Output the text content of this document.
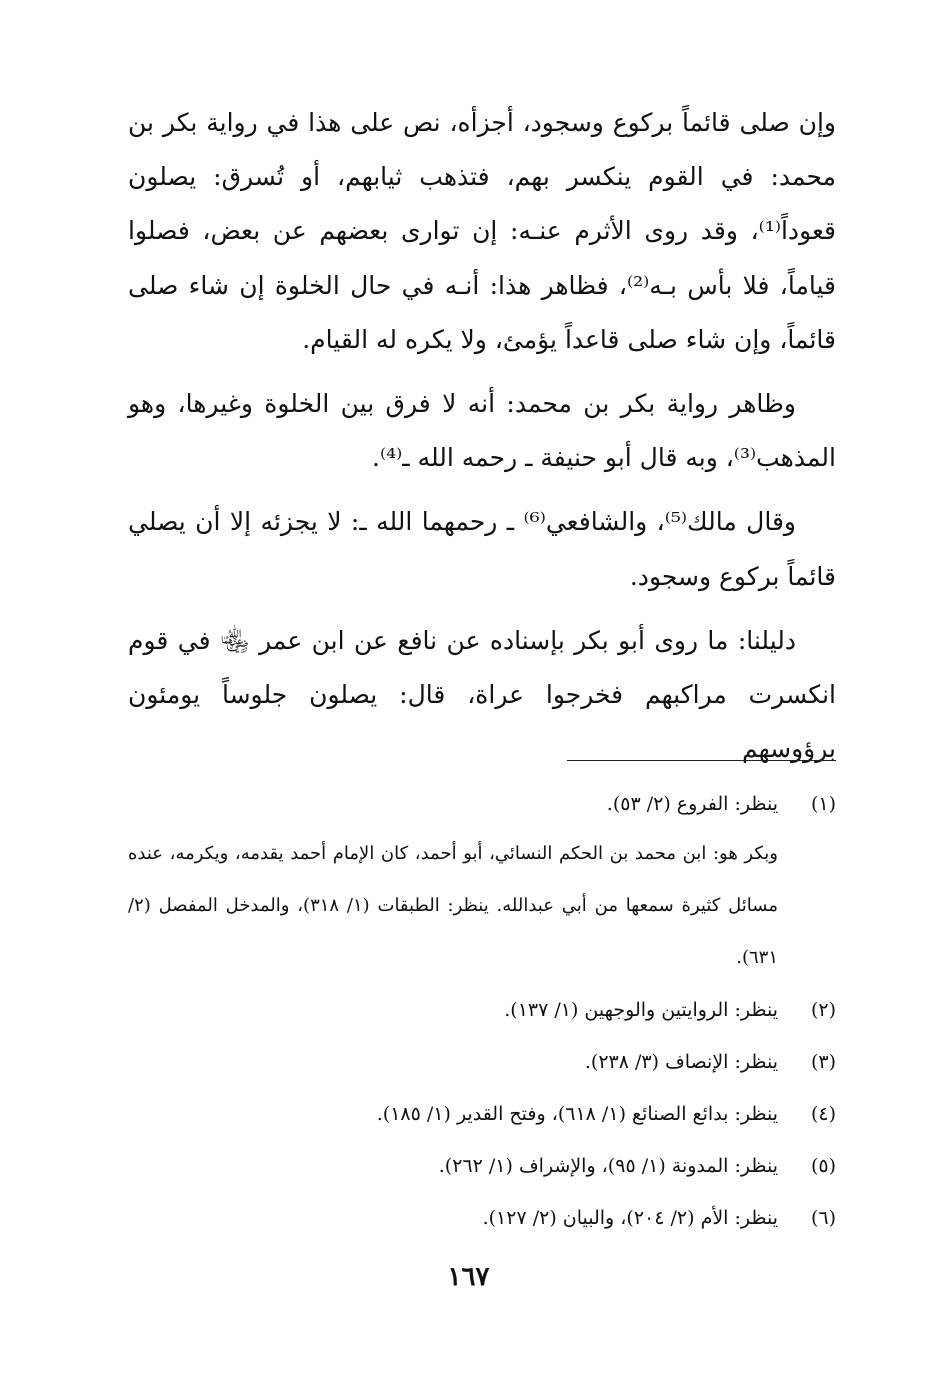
وإن صلى قائماً بركوع وسجود، أجزأه، نص على هذا في رواية بكر بن محمد: في القوم ينكسر بهم، فتذهب ثيابهم، أو تُسرق: يصلون قعوداً⁽¹⁾، وقد روى الأثرم عنـه: إن توارى بعضهم عن بعض، فصلوا قياماً، فلا بأس بـه⁽²⁾، فظاهر هذا: أنـه في حال الخلوة إن شاء صلى قائماً، وإن شاء صلى قاعداً يؤمئ، ولا يكره له القيام.

وظاهر رواية بكر بن محمد: أنه لا فرق بين الخلوة وغيرها، وهو المذهب⁽³⁾، وبه قال أبو حنيفة ـ رحمه الله ـ⁽⁴⁾.

وقال مالك⁽⁵⁾، والشافعي⁽⁶⁾ ـ رحمهما الله ـ: لا يجزئه إلا أن يصلي قائماً بركوع وسجود.

دليلنا: ما روى أبو بكر بإسناده عن نافع عن ابن عمر ﵄ في قوم انكسرت مراكبهم فخرجوا عراة، قال: يصلون جلوساً يومئون برؤوسهم

(١)
ينظر: الفروع (٢/ ٥٣).
وبكر هو: ابن محمد بن الحكم النسائي، أبو أحمد، كان الإمام أحمد يقدمه، ويكرمه، عنده مسائل كثيرة سمعها من أبي عبدالله. ينظر: الطبقات (١/ ٣١٨)، والمدخل المفصل (٢/ ٦٣١).
(٢)
ينظر: الروايتين والوجهين (١/ ١٣٧).
(٣)
ينظر: الإنصاف (٣/ ٢٣٨).
(٤)
ينظر: بدائع الصنائع (١/ ٦١٨)، وفتح القدير (١/ ١٨٥).
(٥)
ينظر: المدونة (١/ ٩٥)، والإشراف (١/ ٢٦٢).
(٦)
ينظر: الأم (٢/ ٢٠٤)، والبيان (٢/ ١٢٧).
١٦٧
